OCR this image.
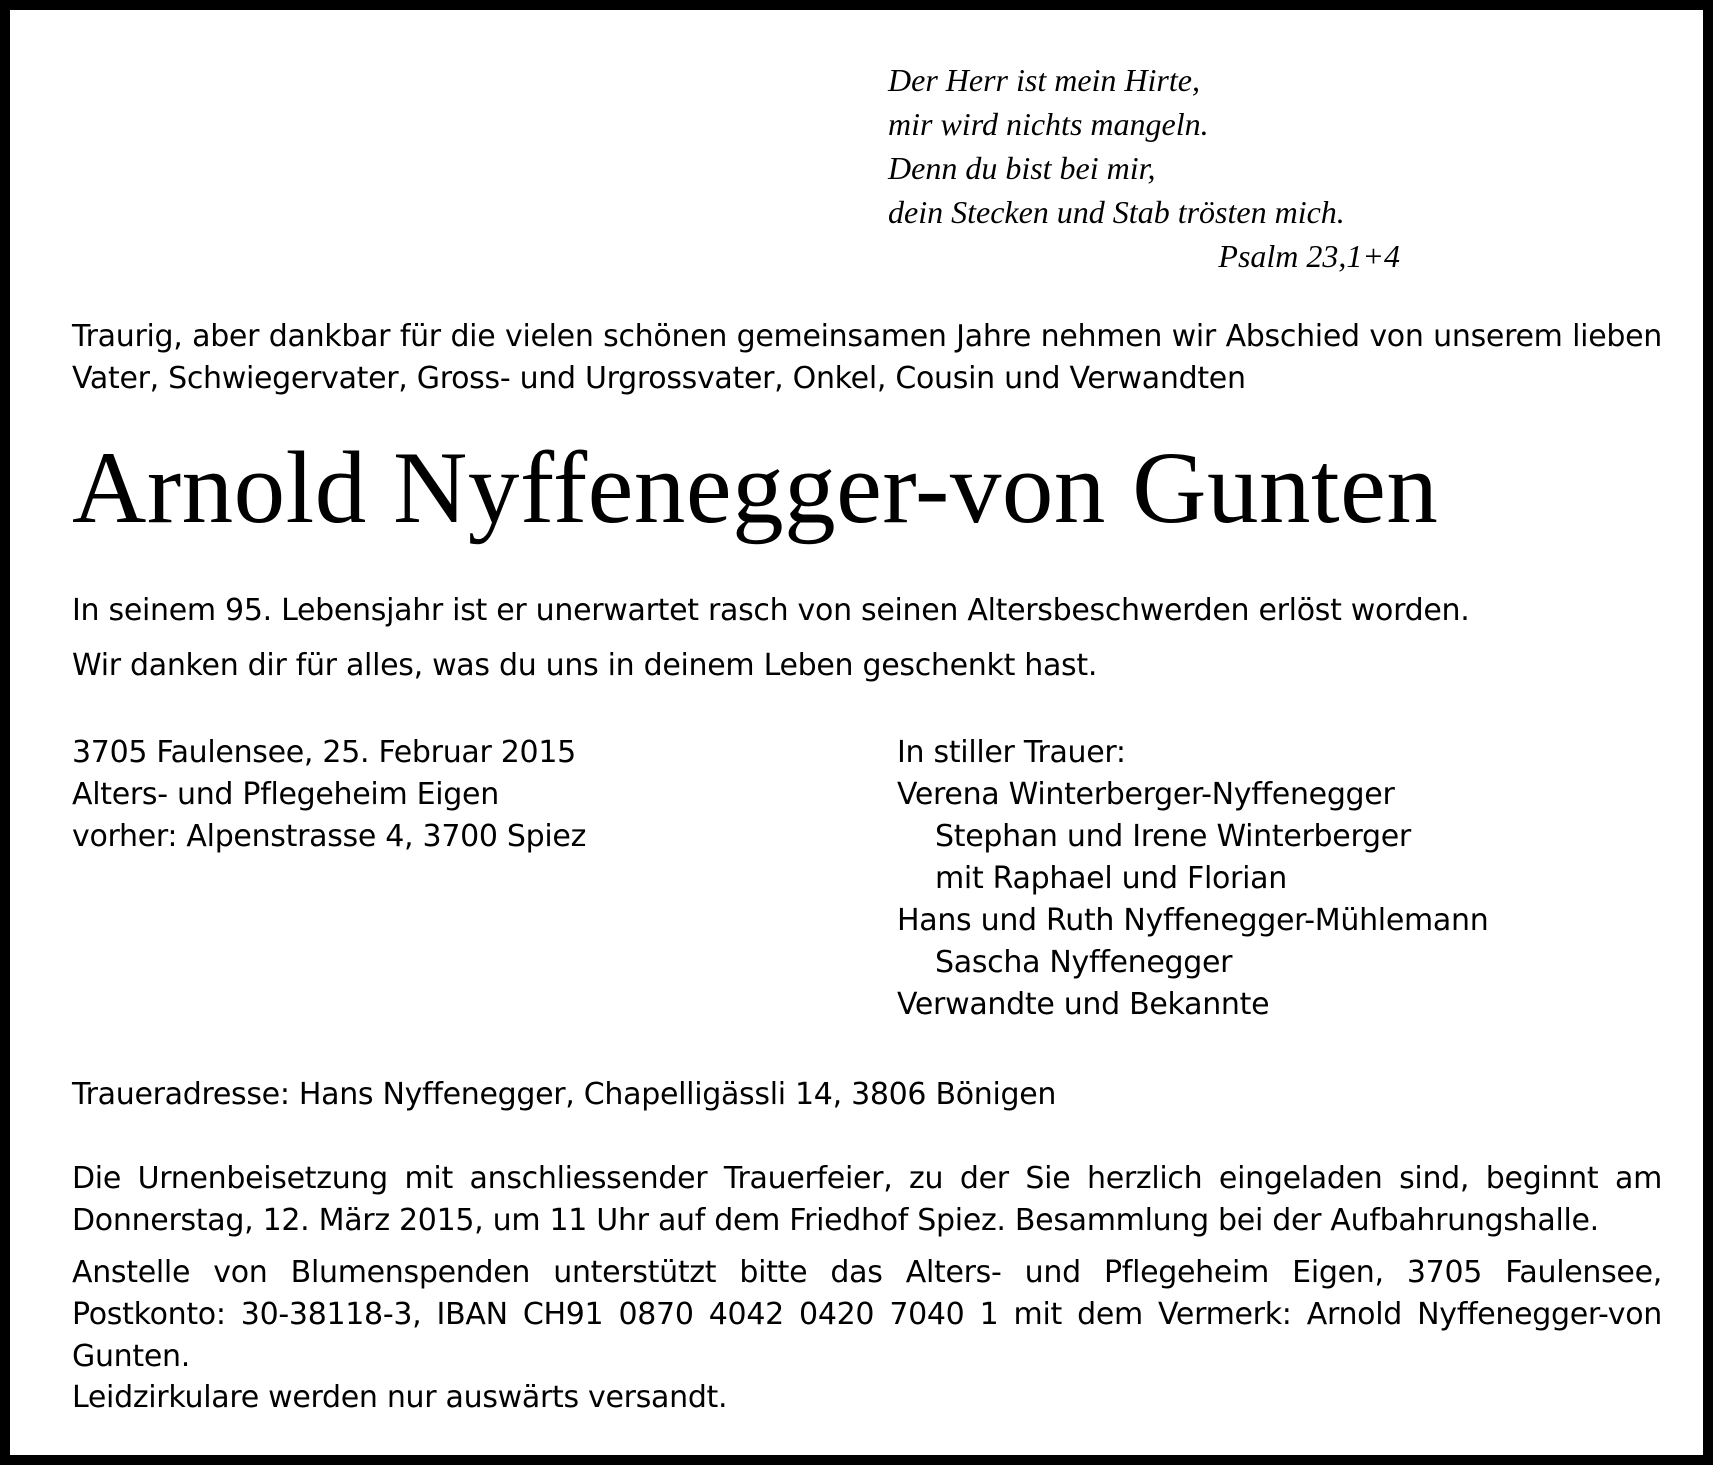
Der Herr ist mein Hirte,
mir wird nichts mangeln.
Denn du bist bei mir,
dein Stecken und Stab trösten mich.
Psalm 23,1+4
Traurig, aber dankbar für die vielen schönen gemeinsamen Jahre nehmen wir Abschied von unserem lieben Vater, Schwiegervater, Gross- und Urgrossvater, Onkel, Cousin und Verwandten
Arnold Nyffenegger-von Gunten
In seinem 95. Lebensjahr ist er unerwartet rasch von seinen Altersbeschwerden erlöst worden.
Wir danken dir für alles, was du uns in deinem Leben geschenkt hast.
3705 Faulensee, 25. Februar 2015
Alters- und Pflegeheim Eigen
vorher: Alpenstrasse 4, 3700 Spiez
In stiller Trauer:
Verena Winterberger-Nyffenegger
Stephan und Irene Winterberger
mit Raphael und Florian
Hans und Ruth Nyffenegger-Mühlemann
Sascha Nyffenegger
Verwandte und Bekannte
Traueradresse: Hans Nyffenegger, Chapelligässli 14, 3806 Bönigen
Die Urnenbeisetzung mit anschliessender Trauerfeier, zu der Sie herzlich eingeladen sind, beginnt am Donnerstag, 12. März 2015, um 11 Uhr auf dem Friedhof Spiez. Besammlung bei der Aufbahrungshalle.
Anstelle von Blumenspenden unterstützt bitte das Alters- und Pflegeheim Eigen, 3705 Faulensee, Postkonto: 30-38118-3, IBAN CH91 0870 4042 0420 7040 1 mit dem Vermerk: Arnold Nyffenegger-von Gunten.
Leidzirkulare werden nur auswärts versandt.
